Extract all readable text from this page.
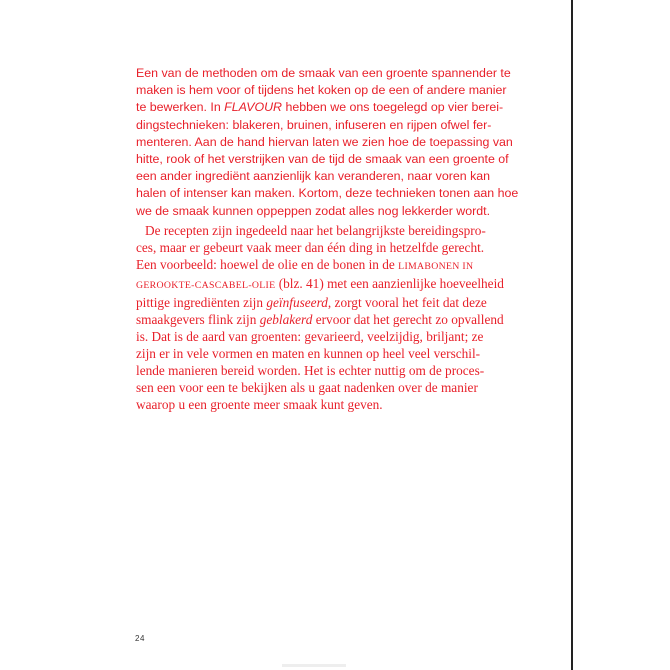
Een van de methoden om de smaak van een groente spannender te
maken is hem voor of tijdens het koken op de een of andere manier
te bewerken. In FLAVOUR hebben we ons toegelegd op vier berei-
dingstechnieken: blakeren, bruinen, infuseren en rijpen ofwel fer-
menteren. Aan de hand hiervan laten we zien hoe de toepassing van
hitte, rook of het verstrijken van de tijd de smaak van een groente of
een ander ingrediënt aanzienlijk kan veranderen, naar voren kan
halen of intenser kan maken. Kortom, deze technieken tonen aan hoe
we de smaak kunnen oppeppen zodat alles nog lekkerder wordt.

De recepten zijn ingedeeld naar het belangrijkste bereidingspro-
ces, maar er gebeurt vaak meer dan één ding in hetzelfde gerecht.
Een voorbeeld: hoewel de olie en de bonen in de LIMABONEN IN
GEROOKTE-CASCABEL-OLIE (blz. 41) met een aanzienlijke hoeveelheid
pittige ingrediënten zijn geïnfuseerd, zorgt vooral het feit dat deze
smaakgevers flink zijn geblakerd ervoor dat het gerecht zo opvallend
is. Dat is de aard van groenten: gevarieerd, veelzijdig, briljant; ze
zijn er in vele vormen en maten en kunnen op heel veel verschil-
lende manieren bereid worden. Het is echter nuttig om de proces-
sen een voor een te bekijken als u gaat nadenken over de manier
waarop u een groente meer smaak kunt geven.

24
